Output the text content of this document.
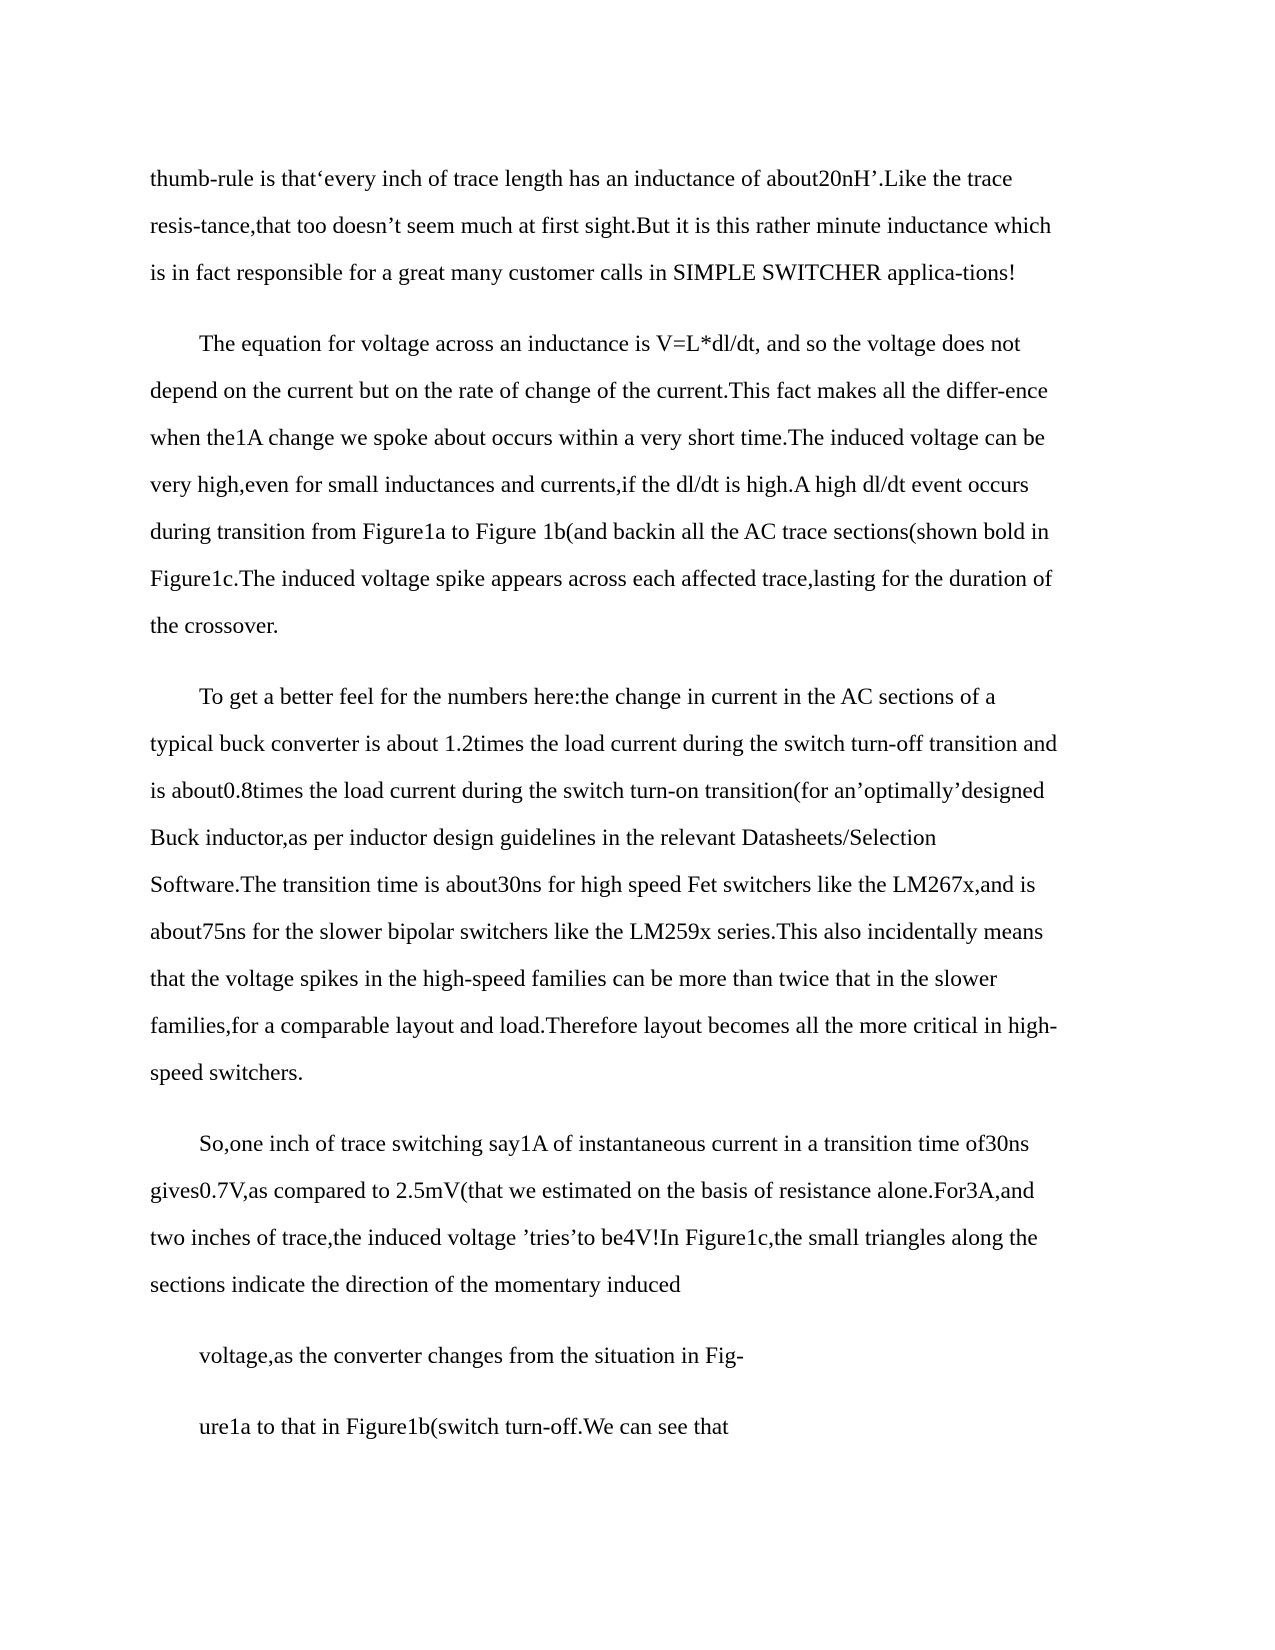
thumb-rule is that‘every inch of trace length has an inductance of about20nH’.Like the trace
resis-tance,that too doesn’t seem much at first sight.But it is this rather minute inductance which
is in fact responsible for a great many customer calls in SIMPLE SWITCHER applica-tions!

The equation for voltage across an inductance is V=L*dl/dt, and so the voltage does not
depend on the current but on the rate of change of the current.This fact makes all the differ-ence
when the1A change we spoke about occurs within a very short time.The induced voltage can be
very high,even for small inductances and currents,if the dl/dt is high.A high dl/dt event occurs
during transition from Figure1a to Figure 1b(and backin all the AC trace sections(shown bold in
Figure1c.The induced voltage spike appears across each affected trace,lasting for the duration of
the crossover.

To get a better feel for the numbers here:the change in current in the AC sections of a
typical buck converter is about 1.2times the load current during the switch turn-off transition and
is about0.8times the load current during the switch turn-on transition(for an’optimally’designed
Buck inductor,as per inductor design guidelines in the relevant Datasheets/Selection
Software.The transition time is about30ns for high speed Fet switchers like the LM267x,and is
about75ns for the slower bipolar switchers like the LM259x series.This also incidentally means
that the voltage spikes in the high-speed families can be more than twice that in the slower
families,for a comparable layout and load.Therefore layout becomes all the more critical in high-
speed switchers.

So,one inch of trace switching say1A of instantaneous current in a transition time of30ns
gives0.7V,as compared to 2.5mV(that we estimated on the basis of resistance alone.For3A,and
two inches of trace,the induced voltage ’tries’to be4V!In Figure1c,the small triangles along the
sections indicate the direction of the momentary induced

voltage,as the converter changes from the situation in Fig-

ure1a to that in Figure1b(switch turn-off.We can see that
